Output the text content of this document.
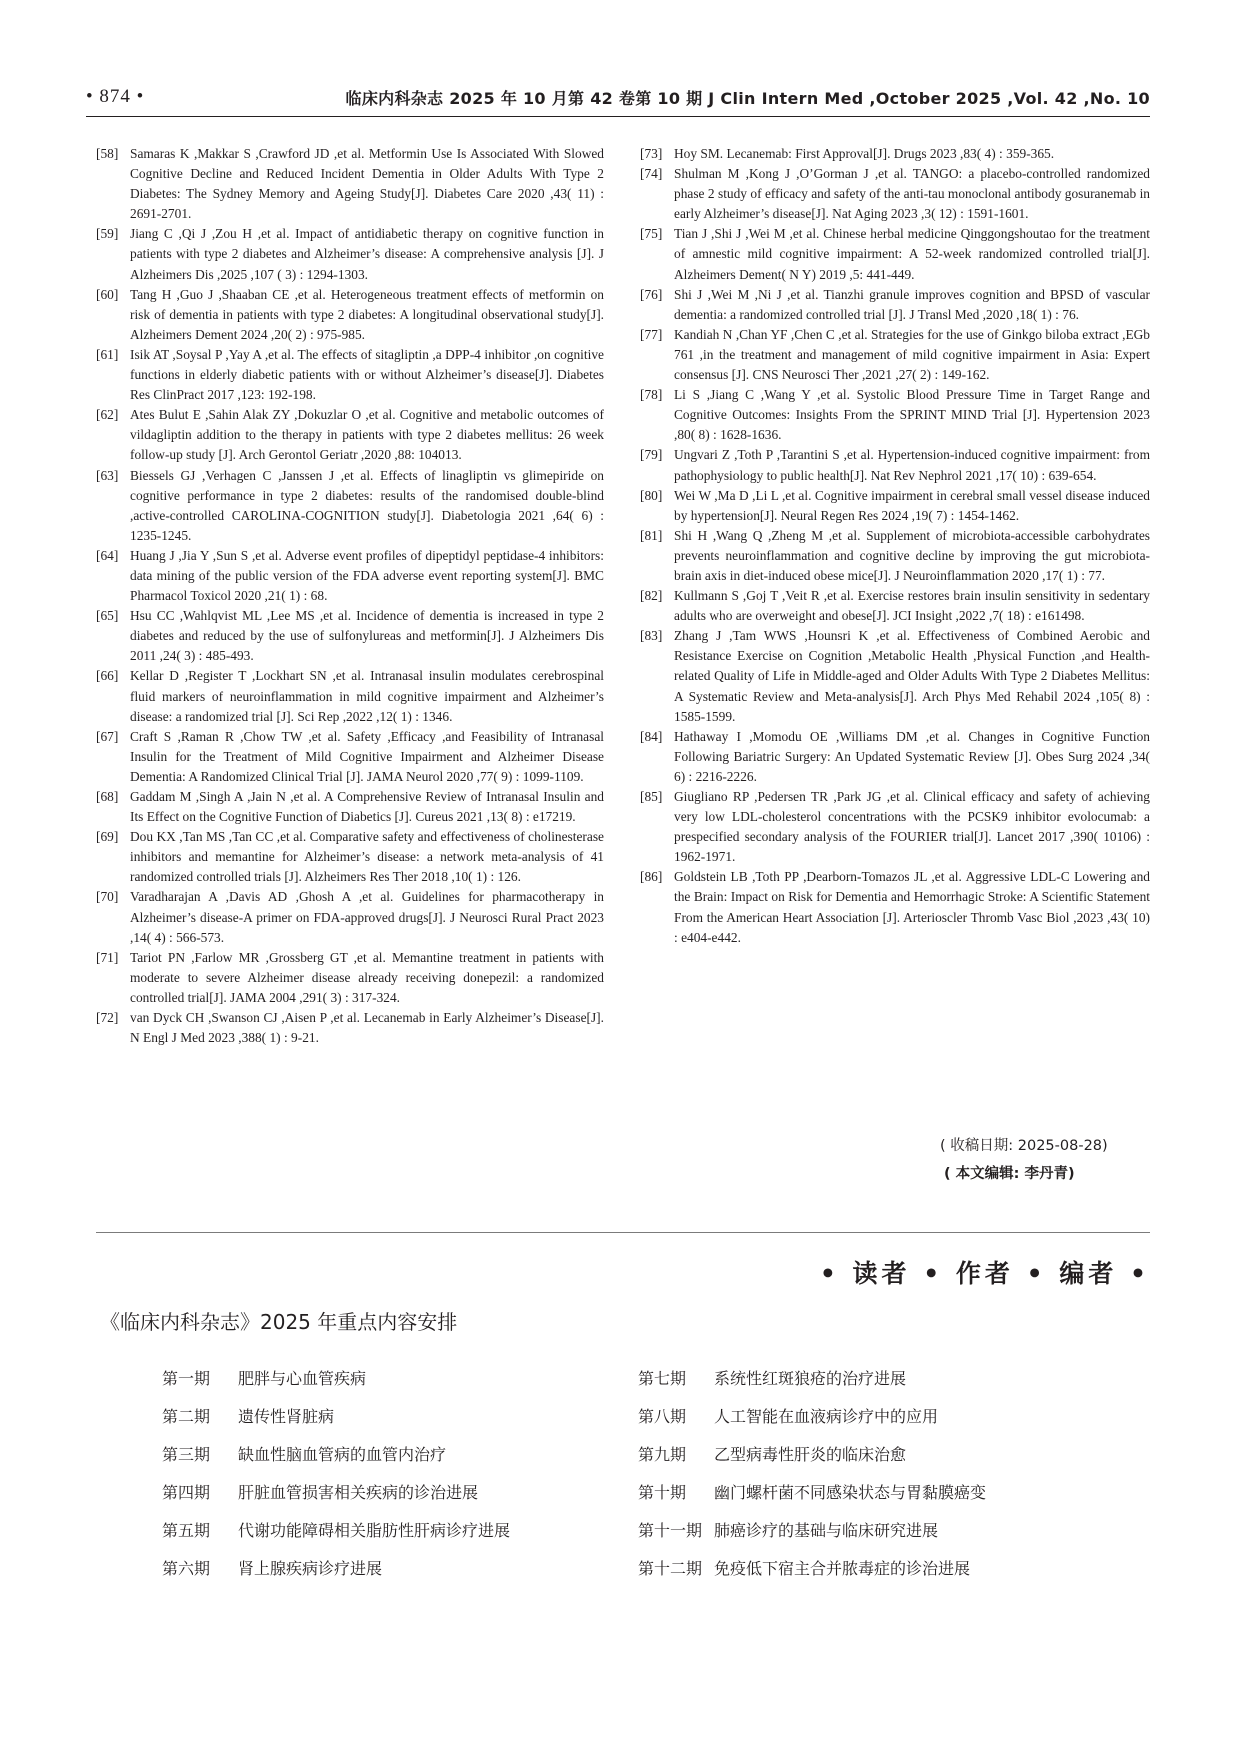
• 874 •	临床内科杂志 2025 年 10 月第 42 卷第 10 期 J Clin Intern Med ,October 2025 ,Vol. 42 ,No. 10

[58] Samaras K ,Makkar S ,Crawford JD ,et al. Metformin Use Is Associated With Slowed Cognitive Decline and Reduced Incident Dementia in Older Adults With Type 2 Diabetes: The Sydney Memory and Ageing Study[J]. Diabetes Care 2020 ,43( 11) : 2691-2701.

[59] Jiang C ,Qi J ,Zou H ,et al. Impact of antidiabetic therapy on cognitive function in patients with type 2 diabetes and Alzheimer’s disease: A comprehensive analysis [J]. J Alzheimers Dis ,2025 ,107 ( 3) : 1294-1303.

[60] Tang H ,Guo J ,Shaaban CE ,et al. Heterogeneous treatment effects of metformin on risk of dementia in patients with type 2 diabetes: A longitudinal observational study[J]. Alzheimers Dement 2024 ,20( 2) : 975-985.

[61] Isik AT ,Soysal P ,Yay A ,et al. The effects of sitagliptin ,a DPP-4 inhibitor ,on cognitive functions in elderly diabetic patients with or without Alzheimer’s disease[J]. Diabetes Res ClinPract 2017 ,123: 192-198.

[62] Ates Bulut E ,Sahin Alak ZY ,Dokuzlar O ,et al. Cognitive and metabolic outcomes of vildagliptin addition to the therapy in patients with type 2 diabetes mellitus: 26 week follow-up study [J]. Arch Gerontol Geriatr ,2020 ,88: 104013.

[63] Biessels GJ ,Verhagen C ,Janssen J ,et al. Effects of linagliptin vs glimepiride on cognitive performance in type 2 diabetes: results of the randomised double-blind ,active-controlled CAROLINA-COGNITION study[J]. Diabetologia 2021 ,64( 6) : 1235-1245.

[64] Huang J ,Jia Y ,Sun S ,et al. Adverse event profiles of dipeptidyl peptidase-4 inhibitors: data mining of the public version of the FDA adverse event reporting system[J]. BMC Pharmacol Toxicol 2020 ,21( 1) : 68.

[65] Hsu CC ,Wahlqvist ML ,Lee MS ,et al. Incidence of dementia is increased in type 2 diabetes and reduced by the use of sulfonylureas and metformin[J]. J Alzheimers Dis 2011 ,24( 3) : 485-493.

[66] Kellar D ,Register T ,Lockhart SN ,et al. Intranasal insulin modulates cerebrospinal fluid markers of neuroinflammation in mild cognitive impairment and Alzheimer’s disease: a randomized trial [J]. Sci Rep ,2022 ,12( 1) : 1346.

[67] Craft S ,Raman R ,Chow TW ,et al. Safety ,Efficacy ,and Feasibility of Intranasal Insulin for the Treatment of Mild Cognitive Impairment and Alzheimer Disease Dementia: A Randomized Clinical Trial [J]. JAMA Neurol 2020 ,77( 9) : 1099-1109.

[68] Gaddam M ,Singh A ,Jain N ,et al. A Comprehensive Review of Intranasal Insulin and Its Effect on the Cognitive Function of Diabetics [J]. Cureus 2021 ,13( 8) : e17219.

[69] Dou KX ,Tan MS ,Tan CC ,et al. Comparative safety and effectiveness of cholinesterase inhibitors and memantine for Alzheimer’s disease: a network meta-analysis of 41 randomized controlled trials [J]. Alzheimers Res Ther 2018 ,10( 1) : 126.

[70] Varadharajan A ,Davis AD ,Ghosh A ,et al. Guidelines for pharmacotherapy in Alzheimer’s disease-A primer on FDA-approved drugs[J]. J Neurosci Rural Pract 2023 ,14( 4) : 566-573.

[71] Tariot PN ,Farlow MR ,Grossberg GT ,et al. Memantine treatment in patients with moderate to severe Alzheimer disease already receiving donepezil: a randomized controlled trial[J]. JAMA 2004 ,291( 3) : 317-324.

[72] van Dyck CH ,Swanson CJ ,Aisen P ,et al. Lecanemab in Early Alzheimer’s Disease[J]. N Engl J Med 2023 ,388( 1) : 9-21.

[73] Hoy SM. Lecanemab: First Approval[J]. Drugs 2023 ,83( 4) : 359-365.

[74] Shulman M ,Kong J ,O’Gorman J ,et al. TANGO: a placebo-controlled randomized phase 2 study of efficacy and safety of the anti-tau monoclonal antibody gosuranemab in early Alzheimer’s disease[J]. Nat Aging 2023 ,3( 12) : 1591-1601.

[75] Tian J ,Shi J ,Wei M ,et al. Chinese herbal medicine Qinggongshoutao for the treatment of amnestic mild cognitive impairment: A 52-week randomized controlled trial[J]. Alzheimers Dement( N Y) 2019 ,5: 441-449.

[76] Shi J ,Wei M ,Ni J ,et al. Tianzhi granule improves cognition and BPSD of vascular dementia: a randomized controlled trial [J]. J Transl Med ,2020 ,18( 1) : 76.

[77] Kandiah N ,Chan YF ,Chen C ,et al. Strategies for the use of Ginkgo biloba extract ,EGb 761 ,in the treatment and management of mild cognitive impairment in Asia: Expert consensus [J]. CNS Neurosci Ther ,2021 ,27( 2) : 149-162.

[78] Li S ,Jiang C ,Wang Y ,et al. Systolic Blood Pressure Time in Target Range and Cognitive Outcomes: Insights From the SPRINT MIND Trial [J]. Hypertension 2023 ,80( 8) : 1628-1636.

[79] Ungvari Z ,Toth P ,Tarantini S ,et al. Hypertension-induced cognitive impairment: from pathophysiology to public health[J]. Nat Rev Nephrol 2021 ,17( 10) : 639-654.

[80] Wei W ,Ma D ,Li L ,et al. Cognitive impairment in cerebral small vessel disease induced by hypertension[J]. Neural Regen Res 2024 ,19( 7) : 1454-1462.

[81] Shi H ,Wang Q ,Zheng M ,et al. Supplement of microbiota-accessible carbohydrates prevents neuroinflammation and cognitive decline by improving the gut microbiota-brain axis in diet-induced obese mice[J]. J Neuroinflammation 2020 ,17( 1) : 77.

[82] Kullmann S ,Goj T ,Veit R ,et al. Exercise restores brain insulin sensitivity in sedentary adults who are overweight and obese[J]. JCI Insight ,2022 ,7( 18) : e161498.

[83] Zhang J ,Tam WWS ,Hounsri K ,et al. Effectiveness of Combined Aerobic and Resistance Exercise on Cognition ,Metabolic Health ,Physical Function ,and Health-related Quality of Life in Middle-aged and Older Adults With Type 2 Diabetes Mellitus: A Systematic Review and Meta-analysis[J]. Arch Phys Med Rehabil 2024 ,105( 8) : 1585-1599.

[84] Hathaway I ,Momodu OE ,Williams DM ,et al. Changes in Cognitive Function Following Bariatric Surgery: An Updated Systematic Review [J]. Obes Surg 2024 ,34( 6) : 2216-2226.

[85] Giugliano RP ,Pedersen TR ,Park JG ,et al. Clinical efficacy and safety of achieving very low LDL-cholesterol concentrations with the PCSK9 inhibitor evolocumab: a prespecified secondary analysis of the FOURIER trial[J]. Lancet 2017 ,390( 10106) : 1962-1971.

[86] Goldstein LB ,Toth PP ,Dearborn-Tomazos JL ,et al. Aggressive LDL-C Lowering and the Brain: Impact on Risk for Dementia and Hemorrhagic Stroke: A Scientific Statement From the American Heart Association [J]. Arterioscler Thromb Vasc Biol ,2023 ,43( 10) : e404-e442.

( 收稿日期: 2025-08-28)
( 本文编辑: 李丹青)
• 读者 • 作者 • 编者 •
《临床内科杂志》2025 年重点内容安排
第一期 肥胖与心血管疾病
第二期 遗传性肾脏病
第三期 缺血性脑血管病的血管内治疗
第四期 肝脏血管损害相关疾病的诊治进展
第五期 代谢功能障碍相关脂肪性肝病诊疗进展
第六期 肾上腺疾病诊疗进展
第七期 系统性红斑狼疮的治疗进展
第八期 人工智能在血液病诊疗中的应用
第九期 乙型病毒性肝炎的临床治愈
第十期 幽门螺杆菌不同感染状态与胃黏膜癌变
第十一期 肺癌诊疗的基础与临床研究进展
第十二期 免疫低下宿主合并脓毒症的诊治进展
